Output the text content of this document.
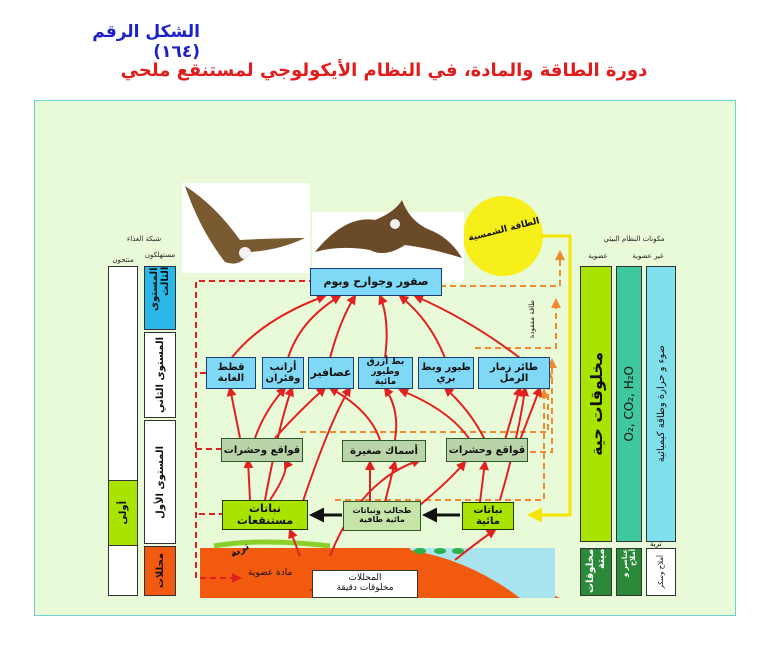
الشكل الرقم (١٦٤)
دورة الطاقة والمادة، في النظام الأيكولوجي لمستنقع ملحي
الطاقة الشمسية
طاقة مفقودة
صقور وجوارح وبوم
قطط الغابة
أرانب وفئران عصافير
بط أزرق وطيور مائية
طيور وبط بري
طائر زمار الرمل
قواقع وحشرات	أسماك صغيرة	قواقع وحشرات
نباتات مستنقعات
طحالب ونباتات مائية طافية
نباتات مائية
تربة
مادة عضوية
المحللات
مخلوقات دقيقة
شبكة الغذاء
مستهلكون
منتجون
أولى
المستوى الثالث
المستوى الثاني
المستوى الأول
محللات
مكونات النظام البيئي
عضوية	غير عضوية
مخلوقات حية O₂, CO₂, H₂O ضوء و حرارة وطاقة كيميائية
مخلوقات ميتة عناصر و أملاح	أملاح وسكر
تربة
